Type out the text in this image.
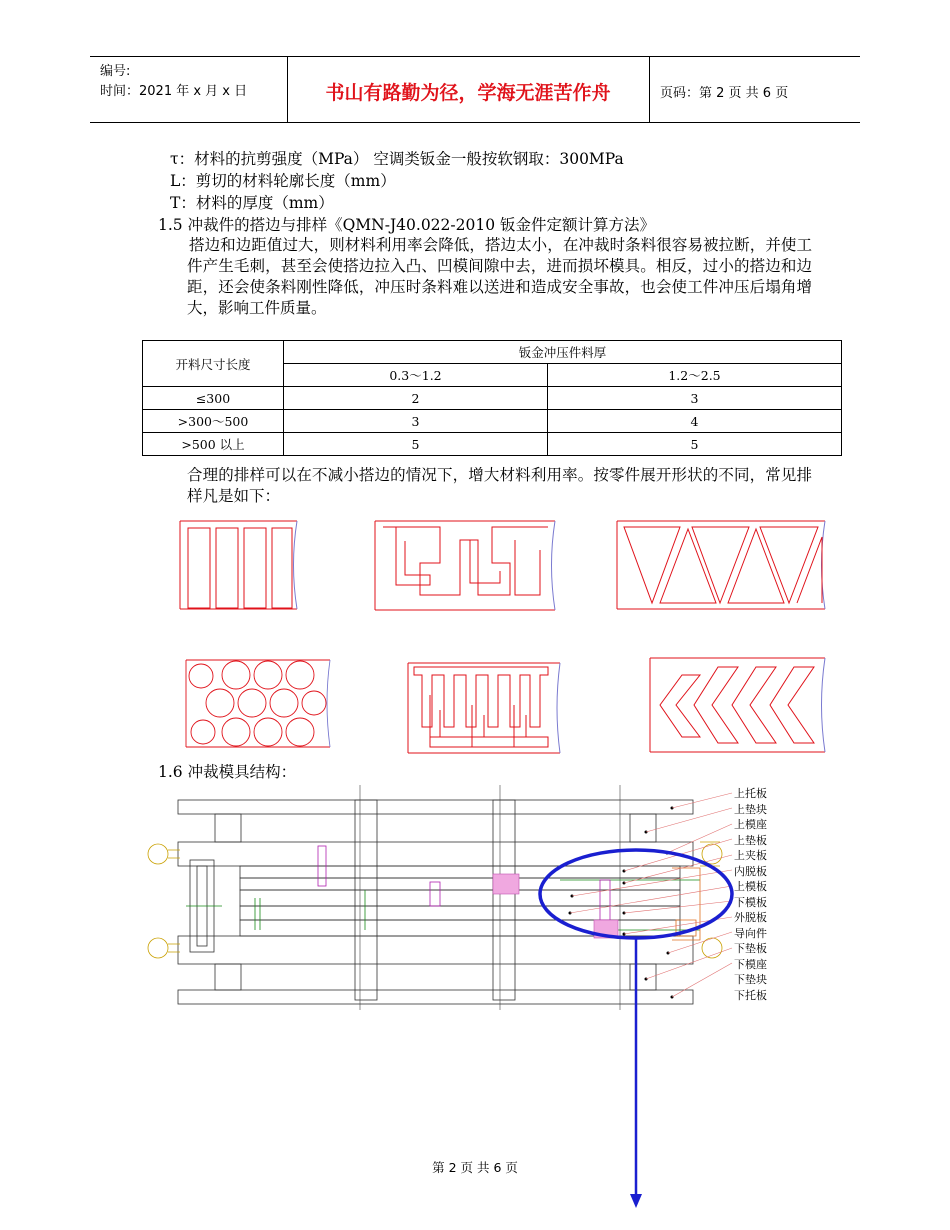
编号:
时间：2021 年 x 月 x 日	书山有路勤为径，学海无涯苦作舟	页码：第 2 页 共 6 页
τ：材料的抗剪强度（MPa） 空调类钣金一般按软钢取：300MPa
L：剪切的材料轮廓长度（mm）
T：材料的厚度（mm）
1.5 冲裁件的搭边与排样《QMN-J40.022-2010 钣金件定额计算方法》
搭边和边距值过大，则材料利用率会降低，搭边太小，在冲裁时条料很容易被拉断，并使工件产生毛刺，甚至会使搭边拉入凸、凹模间隙中去，进而损坏模具。相反，过小的搭边和边距，还会使条料刚性降低，冲压时条料难以送进和造成安全事故，也会使工件冲压后塌角增大，影响工件质量。
开料尺寸长度	钣金冲压件料厚	
	0.3～1.2	1.2～2.5
≤300	2	3
>300～500	3	4
>500 以上	5	5
合理的排样可以在不减小搭边的情况下，增大材料利用率。按零件展开形状的不同，常见排样凡是如下：
1.6 冲裁模具结构：
上托板
上垫块
上模座
上垫板
上夹板
内脱板
上模板
下模板
外脱板
导向件
下垫板
下模座
下垫块
下托板
第 2 页 共 6 页
